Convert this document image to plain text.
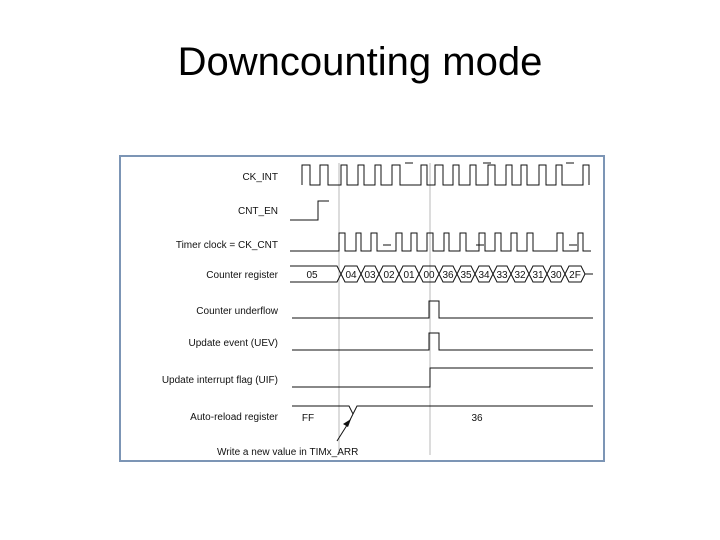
Downcounting mode
CK_INT
CNT_EN
Timer clock = CK_CNT
Counter register
Counter underflow
Update event (UEV)
Update interrupt flag (UIF)
Auto-reload register
05	04 03 02 01 00 36 35 34 33 32 31 30 2F
FF	36
Write a new value in TIMx_ARR
